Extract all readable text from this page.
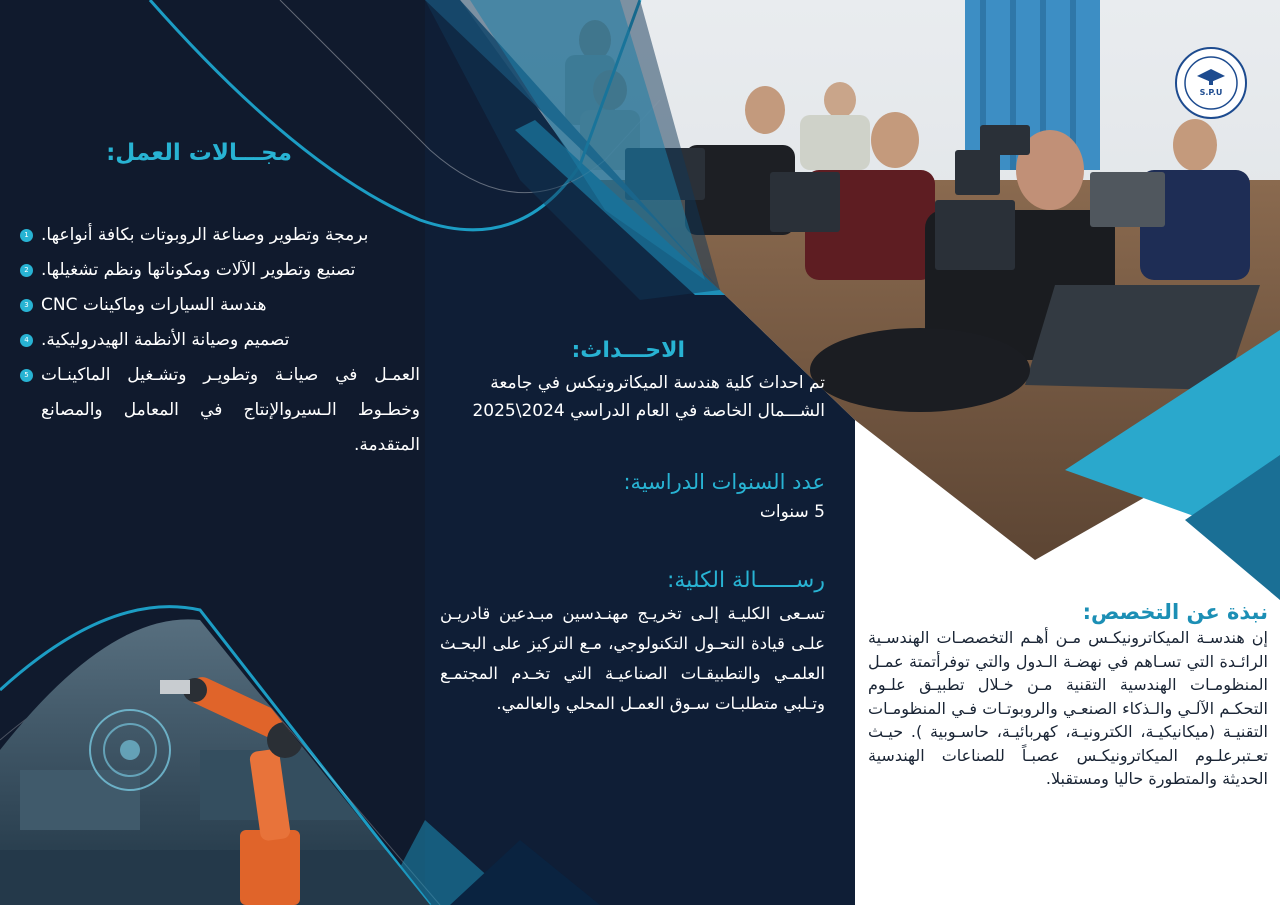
S.P.U
مجـــالات العمل:
1 برمجة وتطوير وصناعة الروبوتات بكافة أنواعها.
2 تصنيع وتطوير الآلات ومكوناتها ونظم تشغيلها.
3 هندسة السيارات وماكينات CNC
4 تصميم وصيانة الأنظمة الهيدروليكية.
5 العمـل في صيانـة وتطويـر وتشـغيل الماكينـات وخطـوط الـسيروالإنتاج في المعامل والمصانع المتقدمة.
الاحـــداث:
تم احداث كلية هندسة الميكاترونيكس في جامعة الشـــمال الخاصة في العام الدراسي 2024\2025
عدد السنوات الدراسية:
5 سنوات
رســــــالة الكلية:
تسـعى الكليـة إلـى تخريـج مهنـدسين مبـدعين قادريـن علـى قيادة التحـول التكنولوجي، مـع التركيز على البحـث العلمـي والتطبيقـات الصناعيـة التي تخـدم المجتمـع وتـلبي متطلبـات سـوق العمـل المحلي والعالمي.
نبذة عن التخصص:
إن هندسـة الميكاترونيكـس مـن أهـم التخصصـات الهندسـية الرائـدة التي تسـاهم في نهضـة الـدول والتي توفرأتمتة عمـل المنظومـات الهندسية التقنية مـن خـلال تطبيـق علـوم التحكـم الآلـي والـذكاء الصنعـي والروبوتـات فـي المنظومـات التقنيـة (ميكانيكيـة، الكترونيـة، كهربائيـة، حاسـوبية ). حيـث تعـتبرعلـوم الميكاترونيكـس عصبـاً للصناعات الهندسية الحديثة والمتطورة حاليا ومستقبلا.
